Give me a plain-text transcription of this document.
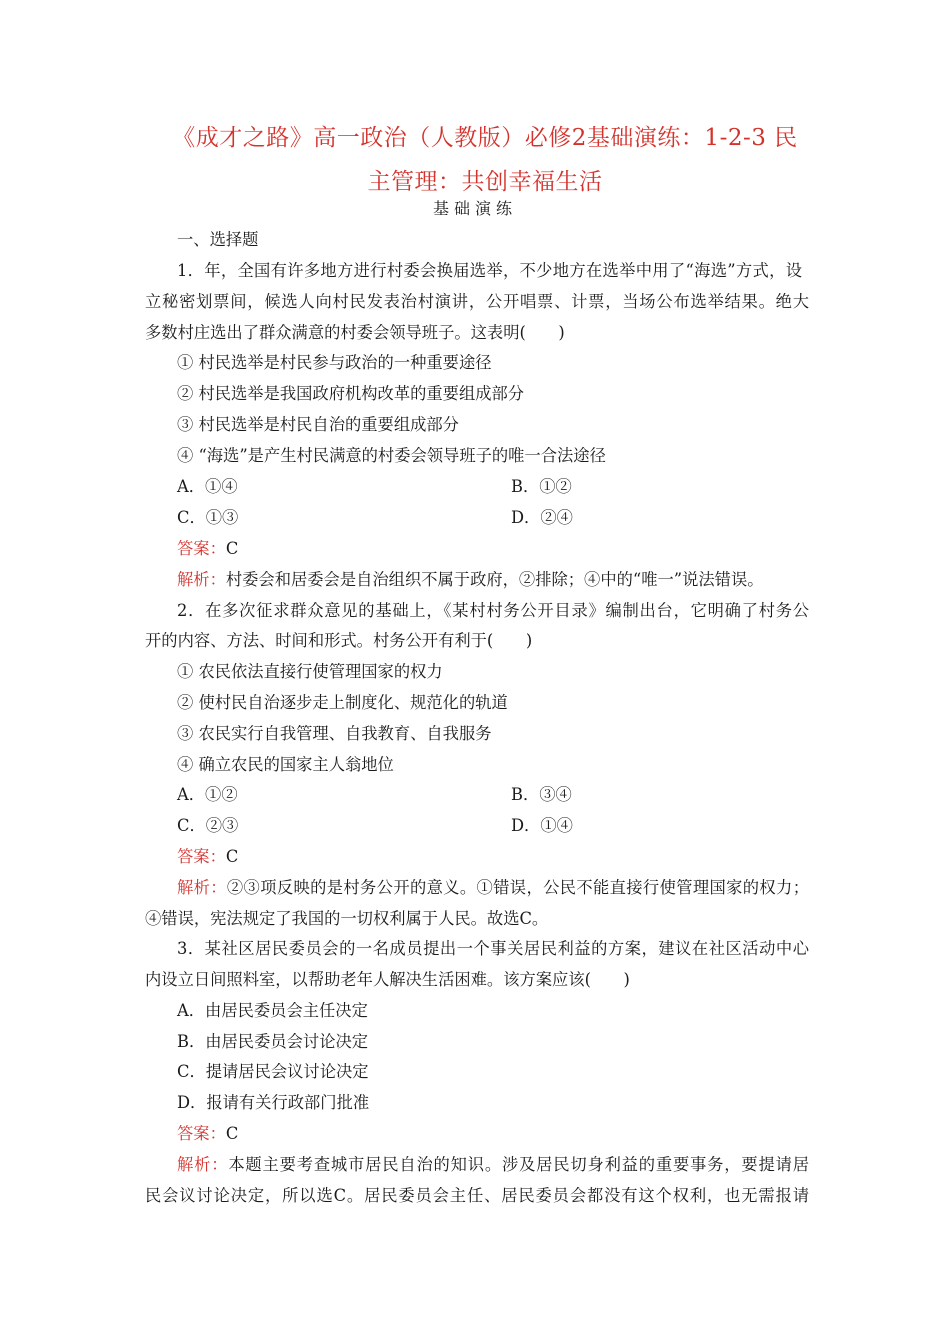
《成才之路》高一政治（人教版）必修2基础演练：1-2-3 民
主管理：共创幸福生活
基础演练
一、选择题
1．年，全国有许多地方进行村委会换届选举，不少地方在选举中用了“海选”方式，设
立秘密划票间，候选人向村民发表治村演讲，公开唱票、计票，当场公布选举结果。绝大
多数村庄选出了群众满意的村委会领导班子。这表明(　　)
① 村民选举是村民参与政治的一种重要途径
② 村民选举是我国政府机构改革的重要组成部分
③ 村民选举是村民自治的重要组成部分
④ “海选”是产生村民满意的村委会领导班子的唯一合法途径
A．①④	B．①②
C．①③	D．②④
答案：C
解析：村委会和居委会是自治组织不属于政府，②排除；④中的“唯一”说法错误。
2．在多次征求群众意见的基础上，《某村村务公开目录》编制出台，它明确了村务公
开的内容、方法、时间和形式。村务公开有利于(　　)
① 农民依法直接行使管理国家的权力
② 使村民自治逐步走上制度化、规范化的轨道
③ 农民实行自我管理、自我教育、自我服务
④ 确立农民的国家主人翁地位
A．①②	B．③④
C．②③	D．①④
答案：C
解析：②③项反映的是村务公开的意义。①错误，公民不能直接行使管理国家的权力；
④错误，宪法规定了我国的一切权利属于人民。故选C。
3．某社区居民委员会的一名成员提出一个事关居民利益的方案，建议在社区活动中心
内设立日间照料室，以帮助老年人解决生活困难。该方案应该(　　)
A．由居民委员会主任决定
B．由居民委员会讨论决定
C．提请居民会议讨论决定
D．报请有关行政部门批准
答案：C
解析：本题主要考查城市居民自治的知识。涉及居民切身利益的重要事务，要提请居
民会议讨论决定，所以选C。居民委员会主任、居民委员会都没有这个权利，也无需报请
